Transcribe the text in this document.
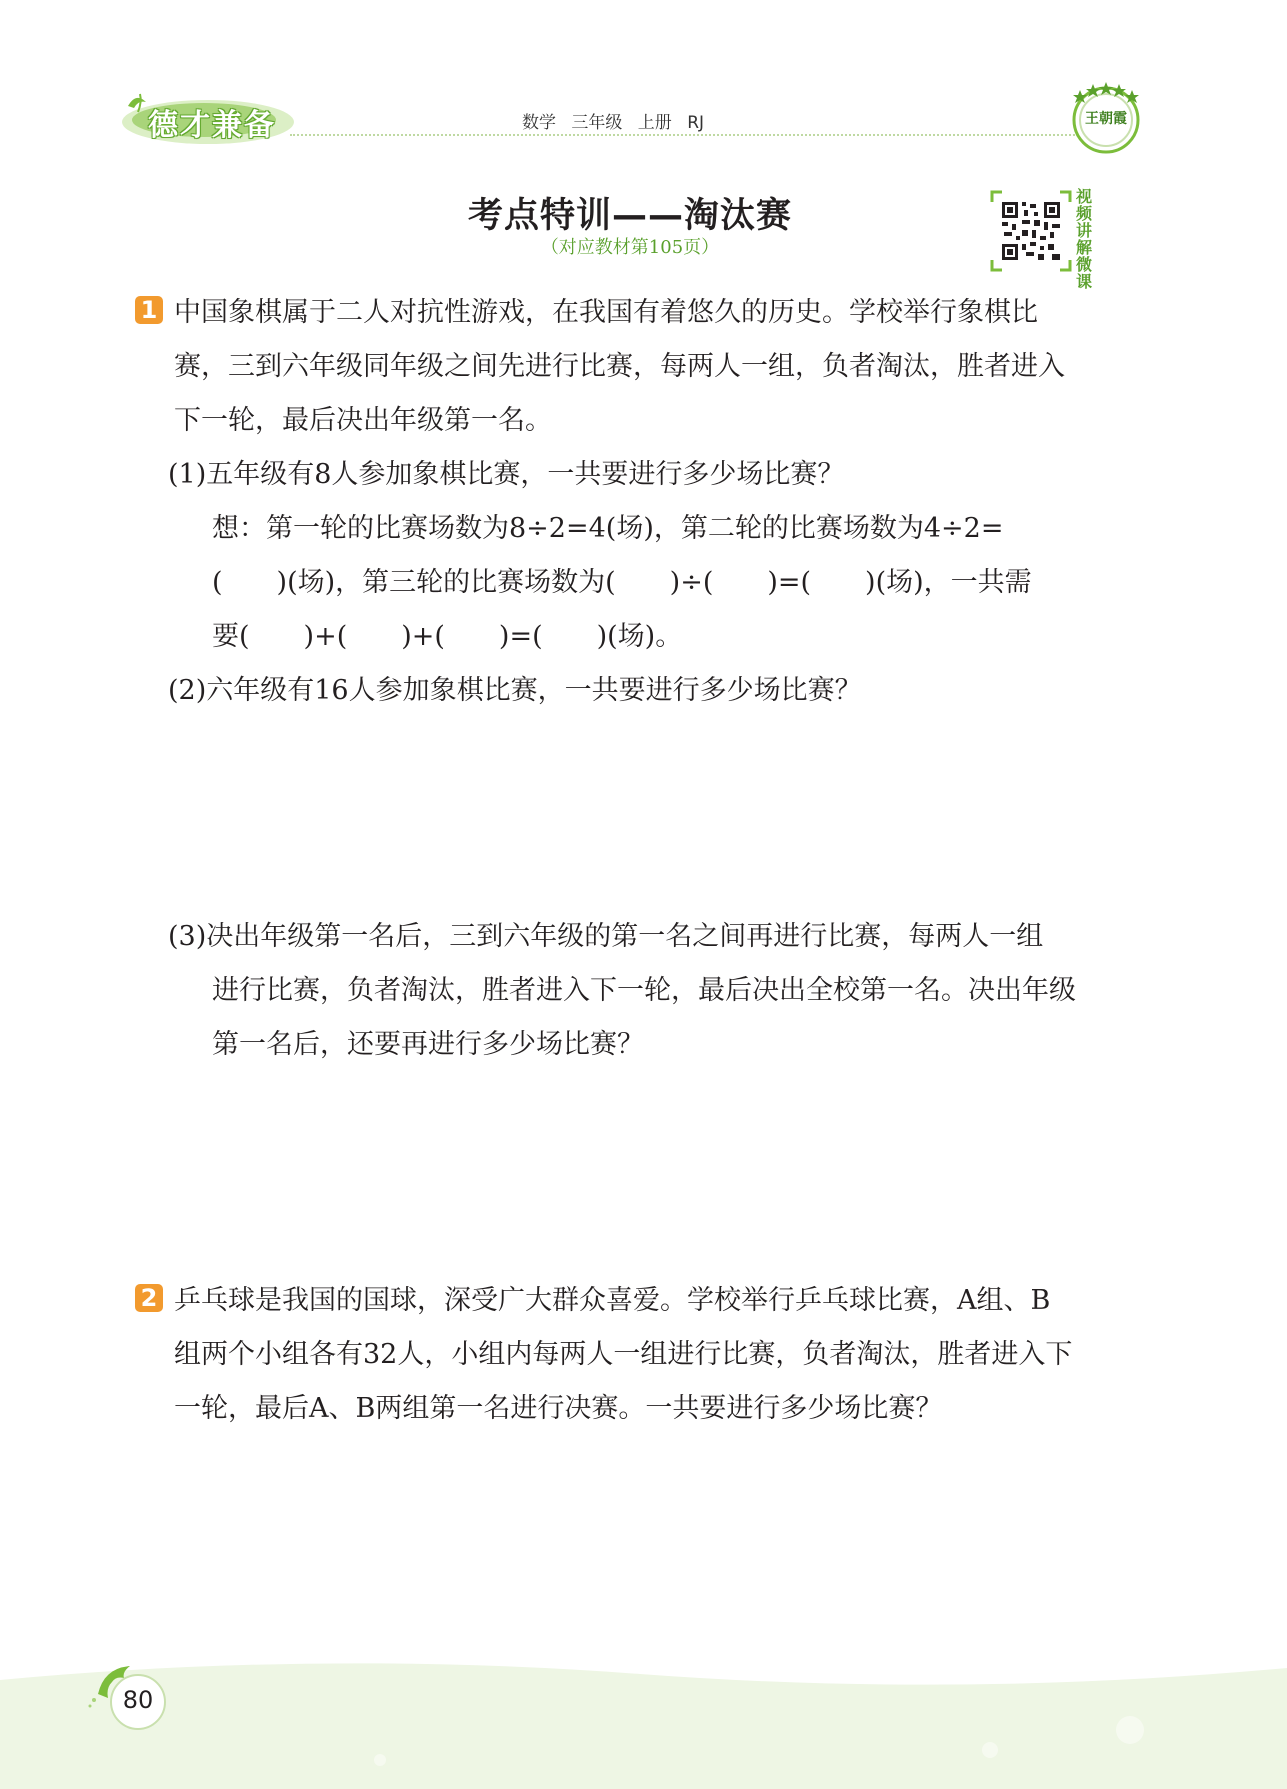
德才兼备	数学 三年级 上册 RJ	王朝霞
考点特训——淘汰赛
（对应教材第105页）
视频讲解微课
1 中国象棋属于二人对抗性游戏，在我国有着悠久的历史。学校举行象棋比
赛，三到六年级同年级之间先进行比赛，每两人一组，负者淘汰，胜者进入
下一轮，最后决出年级第一名。
(1)五年级有8人参加象棋比赛，一共要进行多少场比赛？
想：第一轮的比赛场数为8÷2=4(场)，第二轮的比赛场数为4÷2=
(　　)(场)，第三轮的比赛场数为(　　)÷(　　)=(　　)(场)，一共需
要(　　)+(　　)+(　　)=(　　)(场)。
(2)六年级有16人参加象棋比赛，一共要进行多少场比赛？
(3)决出年级第一名后，三到六年级的第一名之间再进行比赛，每两人一组
进行比赛，负者淘汰，胜者进入下一轮，最后决出全校第一名。决出年级
第一名后，还要再进行多少场比赛？
2 乒乓球是我国的国球，深受广大群众喜爱。学校举行乒乓球比赛，A组、B
组两个小组各有32人，小组内每两人一组进行比赛，负者淘汰，胜者进入下
一轮，最后A、B两组第一名进行决赛。一共要进行多少场比赛？
80
